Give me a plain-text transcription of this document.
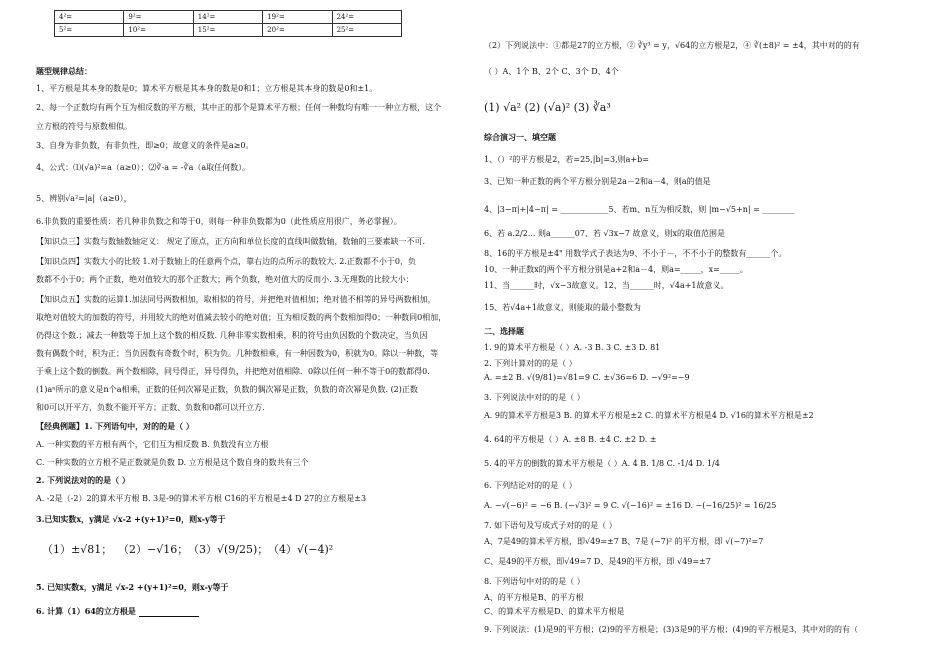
4²=	9²=	14²=	19²=	24²=
5²=	10²=	15²=	20²=	25²=
题型规律总结：
1、平方根是其本身的数是0；算术平方根是其本身的数是0和1；立方根是其本身的数是0和±1。
2、每一个正数均有两个互为相反数的平方根，其中正的那个是算术平方根；任何一种数均有唯一一种立方根，这个
立方根的符号与原数相似。
3、自身为非负数，有非负性，即≥0；故意义的条件是a≥0。
4、公式：⑴(√a)²=a（a≥0）；⑵∛-a = -∛a（a取任何数）。
5、辨别√a²=|a|（a≥0），
6.非负数的重要性质：若几种非负数之和等于0，则每一种非负数都为0（此性质应用很广，务必掌握）。
【知识点三】实数与数轴数轴定义： 规定了原点，正方向和单位长度的直线叫做数轴，数轴的三要素缺一不可.
【知识点四】实数大小的比较 1.对于数轴上的任意两个点，靠右边的点所示的数较大. 2.正数都不小于0，负
数都不小于0；两个正数，绝对值较大的那个正数大；两个负数，绝对值大的反而小. 3.无理数的比较大小：
【知识点五】实数的运算1.加法同号两数相加，取相似的符号，并把绝对值相加；绝对值不相等的异号两数相加，
取绝对值较大的加数的符号，并用较大的绝对值减去较小的绝对值；互为相反数的两个数相加得0；一种数同0相加，
仍得这个数.；减去一种数等于加上这个数的相反数. 几种非零实数相乘，积的符号由负因数的个数决定，当负因
数有偶数个时，积为正；当负因数有奇数个时，积为负。几种数相乘，有一种因数为0，积就为0。除以一种数，等
于乘上这个数的倒数。两个数相除，同号得正，异号得负，并把绝对值相除．0除以任何一种不等于0的数都得0.
(1)aⁿ所示的意义是n个a相乘，正数的任何次幂是正数，负数的偶次幂是正数，负数的奇次幂是负数. (2)正数
和0可以开平方，负数不能开平方；正数、负数和0都可以开立方.
【经典例题】1. 下列语句中，对的的是（ ）
A. 一种实数的平方根有两个，它们互为相反数 B. 负数没有立方根
C. 一种实数的立方根不是正数就是负数 D. 立方根是这个数自身的数共有三个
2. 下列说法对的的是（ ）
A. -2是（-2）2的算术平方根 B. 3是-9的算术平方根 C16的平方根是±4 D 27的立方根是±3
3.已知实数x，y满足 √x-2 +(y+1)²=0，则x-y等于
（1）±√81； （2）−√16； （3）√(9/25)； （4）√(−4)²
5. 已知实数x，y满足 √x-2 +(y+1)²=0，则x-y等于
6. 计算（1）64的立方根是
（2）下列说法中：①都是27的立方根，② ∛y³ = y，√64的立方根是2，④ ∛(±8)² = ±4，其中对的的有
（ ）A、1个 B、2个 C、3个 D、4个
(1) √a² (2) (√a)² (3) ∛a³
综合演习一、填空题
1、（）²的平方根是2，若=25,|b|=3,则a+b=
3、已知一种正数的两个平方根分别是2a－2和a－4，则a的值是
4、|3−π|+|4−π| = ____________5、若m、n互为相反数，则 |m−√5+n| = ________
6、若 a.2/2... 则a______07、若 √3x−7 故意义，则x的取值范围是
8、16的平方根是±4" 用数学式子表达为9、不小于－，不不小于的整数有______个。
10、一种正数x的两个平方根分别是a+2和a－4，则a=_____，x=_____。
11、当______时，√x−3故意义。12、当______时，√4a+1故意义。
15、若√4a+1故意义，则能取的最小整数为
二、选择题
1. 9的算术平方根是（ ）A. -3 B. 3 C. ±3 D. 81
2. 下列计算对的的是（ ）
A. =±2 B. √(9/81)=√81=9 C. ±√36=6 D. −√9²=−9
3. 下列说法中对的的是（ ）
A. 9的算术平方根是3 B. 的算术平方根是±2 C. 的算术平方根是4 D. √16的算术平方根是±2
4. 64的平方根是（ ）A. ±8 B. ±4 C. ±2 D. ±
5. 4的平方的倒数的算术平方根是（ ）A. 4 B. 1/8 C. -1/4 D. 1/4
6. 下列结论对的的是（ ）
A. −√(−6)² = −6 B. (−√3)² = 9 C. √(−16)² = ±16 D. −(−16/25)² = 16/25
7. 如下语句及写成式子对的的是（ ）
A、7是49的算术平方根，即√49=±7 B、7是 (−7)² 的平方根，即 √(−7)²=7
C、是49的平方根，即√49=7 D、是49的平方根，即 √49=±7
8. 下列语句中对的的是（ ）
A、的平方根是B、的平方根
C、的算术平方根是D、的算术平方根是
9. 下列说法：(1)是9的平方根；(2)9的平方根是；(3)3是9的平方根；(4)9的平方根是3，其中对的的有（
